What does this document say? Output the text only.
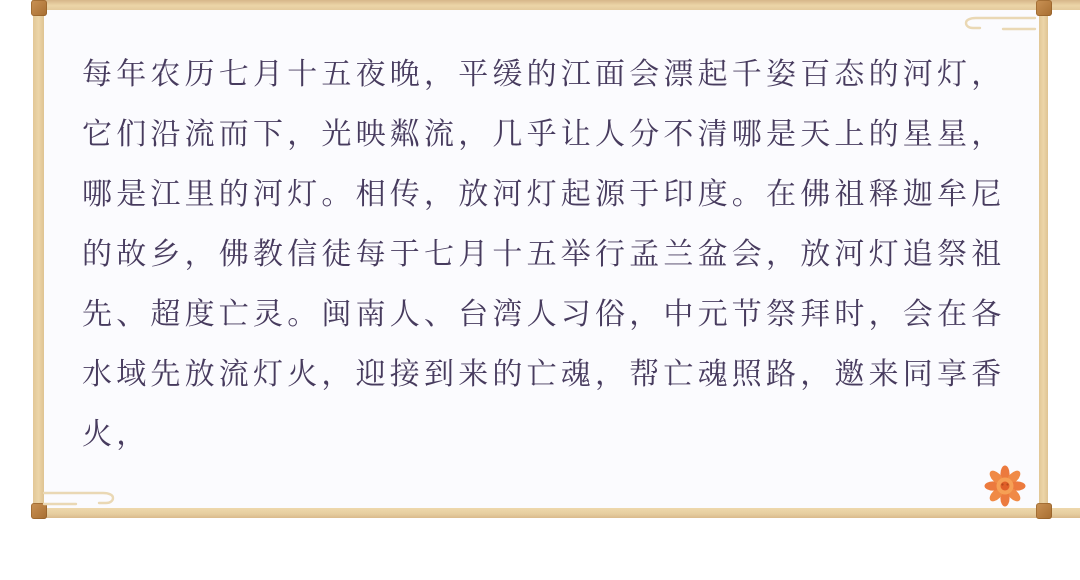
每年农历七月十五夜晚，平缓的江面会漂起千姿百态的河灯，
它们沿流而下，光映粼流，几乎让人分不清哪是天上的星星，
哪是江里的河灯。相传，放河灯起源于印度。在佛祖释迦牟尼
的故乡，佛教信徒每于七月十五举行孟兰盆会，放河灯追祭祖
先、超度亡灵。闽南人、台湾人习俗，中元节祭拜时，会在各
水域先放流灯火，迎接到来的亡魂，帮亡魂照路，邀来同享香
火，
